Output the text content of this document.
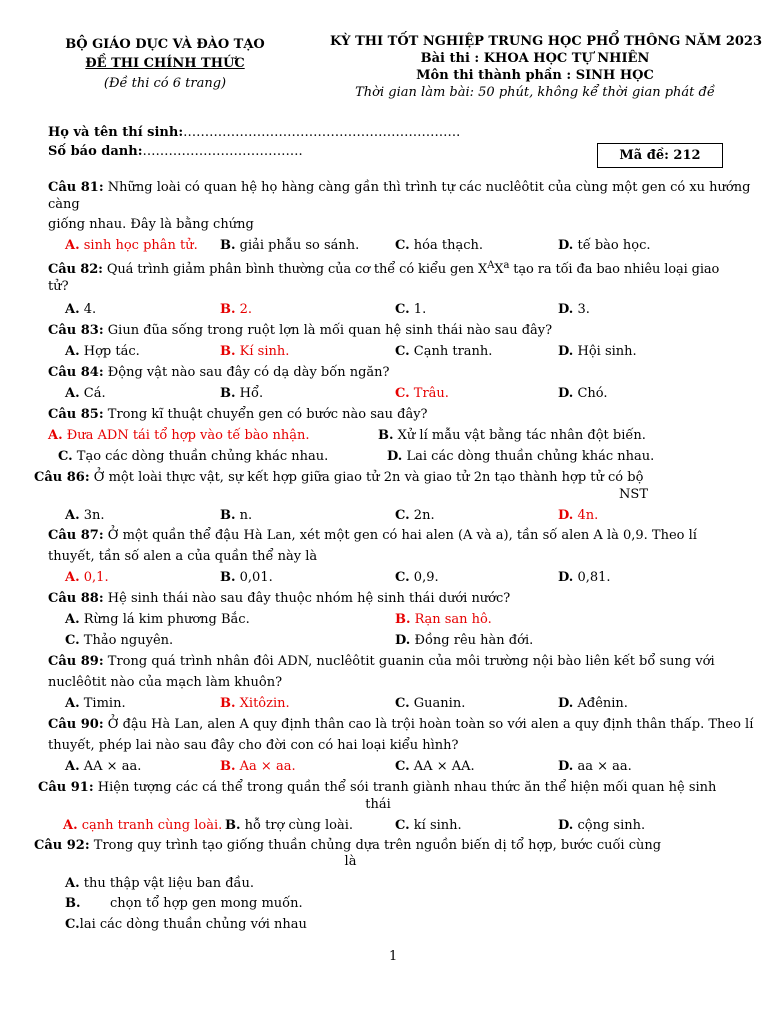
BỘ GIÁO DỤC VÀ ĐÀO TẠO
ĐỀ THI CHÍNH THỨC
(Đề thi có 6 trang)
KỲ THI TỐT NGHIỆP TRUNG HỌC PHỔ THÔNG NĂM 2023
Bài thi : KHOA HỌC TỰ NHIÊN
Môn thi thành phần : SINH HỌC
Thời gian làm bài: 50 phút, không kể thời gian phát đề
Họ và tên thí sinh:……………………………………………………….
Số báo danh:……………………………….	Mã đề: 212
Câu 81: Những loài có quan hệ họ hàng càng gần thì trình tự các nuclêôtit của cùng một gen có xu hướng
càng
giống nhau. Đây là bằng chứng
A. sinh học phân tử. B. giải phẫu so sánh.	C. hóa thạch.	D. tế bào học.
Câu 82: Quá trình giảm phân bình thường của cơ thể có kiểu gen $X^AX^a$ tạo ra tối đa bao nhiêu loại giao
tử?
A. 4.	B. 2.	C. 1.	D. 3.
Câu 83: Giun đũa sống trong ruột lợn là mối quan hệ sinh thái nào sau đây?
A. Hợp tác.	B. Kí sinh.	C. Cạnh tranh.	D. Hội sinh.
Câu 84: Động vật nào sau đây có dạ dày bốn ngăn?
A. Cá.	B. Hổ.	C. Trâu.	D. Chó.
Câu 85: Trong kĩ thuật chuyển gen có bước nào sau đây?
A. Đưa ADN tái tổ hợp vào tế bào nhận.	B. Xử lí mẫu vật bằng tác nhân đột biến.
C. Tạo các dòng thuần chủng khác nhau.	D. Lai các dòng thuần chủng khác nhau.
Câu 86: Ở một loài thực vật, sự kết hợp giữa giao tử 2n và giao tử 2n tạo thành hợp tử có bộ
NST
A. 3n.	B. n.	C. 2n.	D. 4n.
Câu 87: Ở một quần thể đậu Hà Lan, xét một gen có hai alen (A và a), tần số alen A là 0,9. Theo lí
thuyết, tần số alen a của quần thể này là
A. 0,1.	B. 0,01.	C. 0,9.	D. 0,81.
Câu 88: Hệ sinh thái nào sau đây thuộc nhóm hệ sinh thái dưới nước?
A. Rừng lá kim phương Bắc.	B. Rạn san hô.
C. Thảo nguyên.	D. Đồng rêu hàn đới.
Câu 89: Trong quá trình nhân đôi ADN, nuclêôtit guanin của môi trường nội bào liên kết bổ sung với
nuclêôtit nào của mạch làm khuôn?
A. Timin.	B. Xitôzin.	C. Guanin.	D. Ađênin.
Câu 90: Ở đậu Hà Lan, alen A quy định thân cao là trội hoàn toàn so với alen a quy định thân thấp. Theo lí
thuyết, phép lai nào sau đây cho đời con có hai loại kiểu hình?
A. AA × aa.	B. Aa × aa.	C. AA × AA.	D. aa × aa.
Câu 91: Hiện tượng các cá thể trong quần thể sói tranh giành nhau thức ăn thể hiện mối quan hệ sinh
thái
A. cạnh tranh cùng loài. B. hỗ trợ cùng loài.	C. kí sinh.	D. cộng sinh.
Câu 92: Trong quy trình tạo giống thuần chủng dựa trên nguồn biến dị tổ hợp, bước cuối cùng
là
A. thu thập vật liệu ban đầu.
B. chọn tổ hợp gen mong muốn.
C.lai các dòng thuần chủng với nhau
1
